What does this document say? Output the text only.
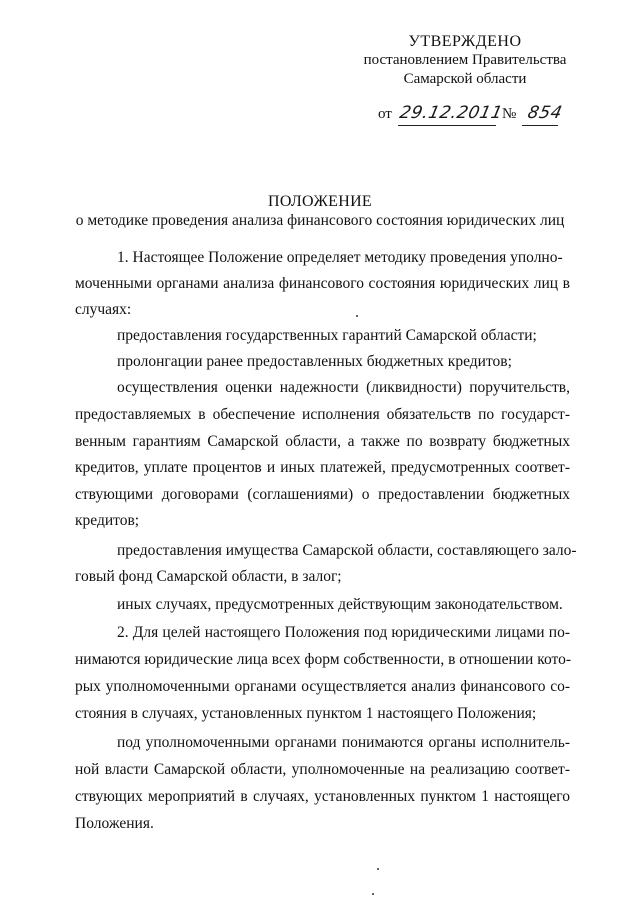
УТВЕРЖДЕНО
постановлением Правительства
Самарской области
от 29.12.2011
№ 854
ПОЛОЖЕНИЕ
о методике проведения анализа финансового состояния юридических лиц
1. Настоящее Положение определяет методику проведения уполно-
моченными органами анализа финансового состояния юридических лиц в
случаях:
предоставления государственных гарантий Самарской области;
пролонгации ранее предоставленных бюджетных кредитов;
осуществления оценки надежности (ликвидности) поручительств,
предоставляемых в обеспечение исполнения обязательств по государст-
венным гарантиям Самарской области, а также по возврату бюджетных
кредитов, уплате процентов и иных платежей, предусмотренных соответ-
ствующими договорами (соглашениями) о предоставлении бюджетных
кредитов;
предоставления имущества Самарской области, составляющего зало-
говый фонд Самарской области, в залог;
иных случаях, предусмотренных действующим законодательством.
2. Для целей настоящего Положения под юридическими лицами по-
нимаются юридические лица всех форм собственности, в отношении кото-
рых уполномоченными органами осуществляется анализ финансового со-
стояния в случаях, установленных пунктом 1 настоящего Положения;
под уполномоченными органами понимаются органы исполнитель-
ной власти Самарской области, уполномоченные на реализацию соответ-
ствующих мероприятий в случаях, установленных пунктом 1 настоящего
Положения.
